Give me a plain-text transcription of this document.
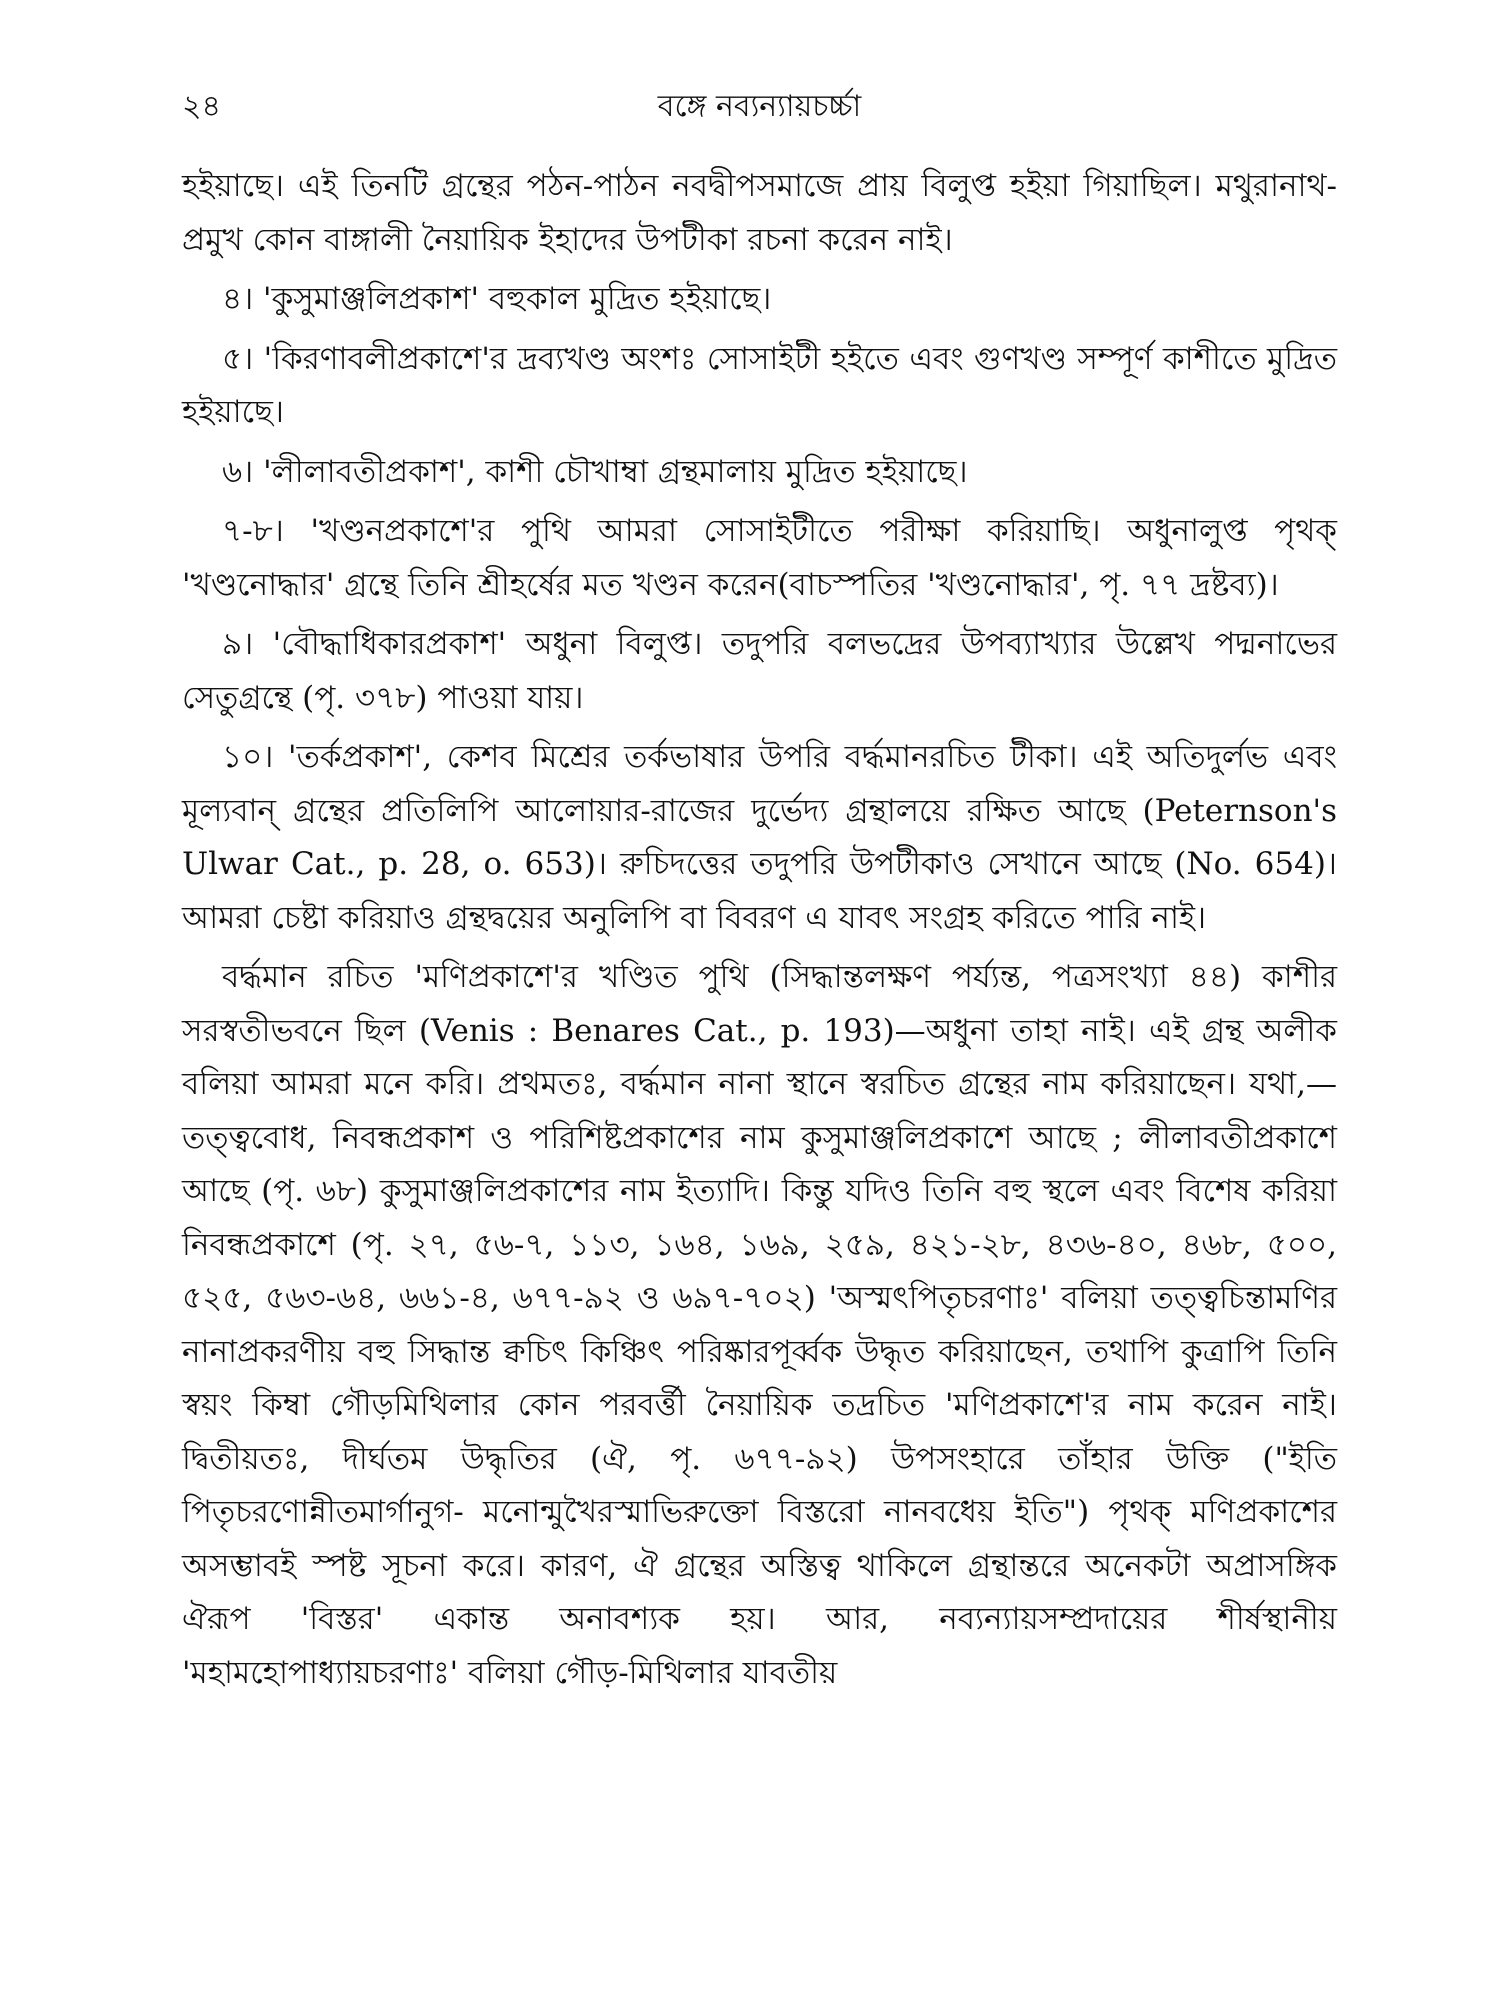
২৪	বঙ্গে নব্যন্যায়চর্চ্চা

হইয়াছে। এই তিনটি গ্রন্থের পঠন-পাঠন নবদ্বীপসমাজে প্রায় বিলুপ্ত হইয়া গিয়াছিল। মথুরানাথ-প্রমুখ কোন বাঙ্গালী নৈয়ায়িক ইহাদের উপটীকা রচনা করেন নাই।

৪। 'কুসুমাঞ্জলিপ্রকাশ' বহুকাল মুদ্রিত হইয়াছে।

৫। 'কিরণাবলীপ্রকাশে'র দ্রব্যখণ্ড অংশঃ সোসাইটী হইতে এবং গুণখণ্ড সম্পূর্ণ কাশীতে মুদ্রিত হইয়াছে।

৬। 'লীলাবতীপ্রকাশ', কাশী চৌখাম্বা গ্রন্থমালায় মুদ্রিত হইয়াছে।

৭-৮। 'খণ্ডনপ্রকাশে'র পুথি আমরা সোসাইটীতে পরীক্ষা করিয়াছি। অধুনালুপ্ত পৃথক্ 'খণ্ডনোদ্ধার' গ্রন্থে তিনি শ্রীহর্ষের মত খণ্ডন করেন(বাচস্পতির 'খণ্ডনোদ্ধার', পৃ. ৭৭ দ্রষ্টব্য)।

৯। 'বৌদ্ধাধিকারপ্রকাশ' অধুনা বিলুপ্ত। তদুপরি বলভদ্রের উপব্যাখ্যার উল্লেখ পদ্মনাভের সেতুগ্রন্থে (পৃ. ৩৭৮) পাওয়া যায়।

১০। 'তর্কপ্রকাশ', কেশব মিশ্রের তর্কভাষার উপরি বর্দ্ধমানরচিত টীকা। এই অতিদুর্লভ এবং মূল্যবান্ গ্রন্থের প্রতিলিপি আলোয়ার-রাজের দুর্ভেদ্য গ্রন্থালয়ে রক্ষিত আছে (Peternson's Ulwar Cat., p. 28, o. 653)। রুচিদত্তের তদুপরি উপটীকাও সেখানে আছে (No. 654)। আমরা চেষ্টা করিয়াও গ্রন্থদ্বয়ের অনুলিপি বা বিবরণ এ যাবৎ সংগ্রহ করিতে পারি নাই।

বর্দ্ধমান রচিত 'মণিপ্রকাশে'র খণ্ডিত পুথি (সিদ্ধান্তলক্ষণ পর্য্যন্ত, পত্রসংখ্যা ৪৪) কাশীর সরস্বতীভবনে ছিল (Venis : Benares Cat., p. 193)—অধুনা তাহা নাই। এই গ্রন্থ অলীক বলিয়া আমরা মনে করি। প্রথমতঃ, বর্দ্ধমান নানা স্থানে স্বরচিত গ্রন্থের নাম করিয়াছেন। যথা,—তত্ত্ববোধ, নিবন্ধপ্রকাশ ও পরিশিষ্টপ্রকাশের নাম কুসুমাঞ্জলিপ্রকাশে আছে ; লীলাবতীপ্রকাশে আছে (পৃ. ৬৮) কুসুমাঞ্জলিপ্রকাশের নাম ইত্যাদি। কিন্তু যদিও তিনি বহু স্থলে এবং বিশেষ করিয়া নিবন্ধপ্রকাশে (পৃ. ২৭, ৫৬-৭, ১১৩, ১৬৪, ১৬৯, ২৫৯, ৪২১-২৮, ৪৩৬-৪০, ৪৬৮, ৫০০, ৫২৫, ৫৬৩-৬৪, ৬৬১-৪, ৬৭৭-৯২ ও ৬৯৭-৭০২) 'অস্মৎপিতৃচরণাঃ' বলিয়া তত্ত্বচিন্তামণির নানাপ্রকরণীয় বহু সিদ্ধান্ত ক্বচিৎ কিঞ্চিৎ পরিষ্কারপূর্ব্বক উদ্ধৃত করিয়াছেন, তথাপি কুত্রাপি তিনি স্বয়ং কিম্বা গৌড়মিথিলার কোন পরবর্ত্তী নৈয়ায়িক তদ্রচিত 'মণিপ্রকাশে'র নাম করেন নাই। দ্বিতীয়তঃ, দীর্ঘতম উদ্ধৃতির (ঐ, পৃ. ৬৭৭-৯২) উপসংহারে তাঁহার উক্তি ("ইতি পিতৃচরণোন্নীতমার্গানুগ- মনোন্মুখৈরস্মাভিরুক্তো বিস্তরো নানবধেয় ইতি") পৃথক্ মণিপ্রকাশের অসম্ভাবই স্পষ্ট সূচনা করে। কারণ, ঐ গ্রন্থের অস্তিত্ব থাকিলে গ্রন্থান্তরে অনেকটা অপ্রাসঙ্গিক ঐরূপ 'বিস্তর' একান্ত অনাবশ্যক হয়। আর, নব্যন্যায়সম্প্রদায়ের শীর্ষস্থানীয় 'মহামহোপাধ্যায়চরণাঃ' বলিয়া গৌড়-মিথিলার যাবতীয়
